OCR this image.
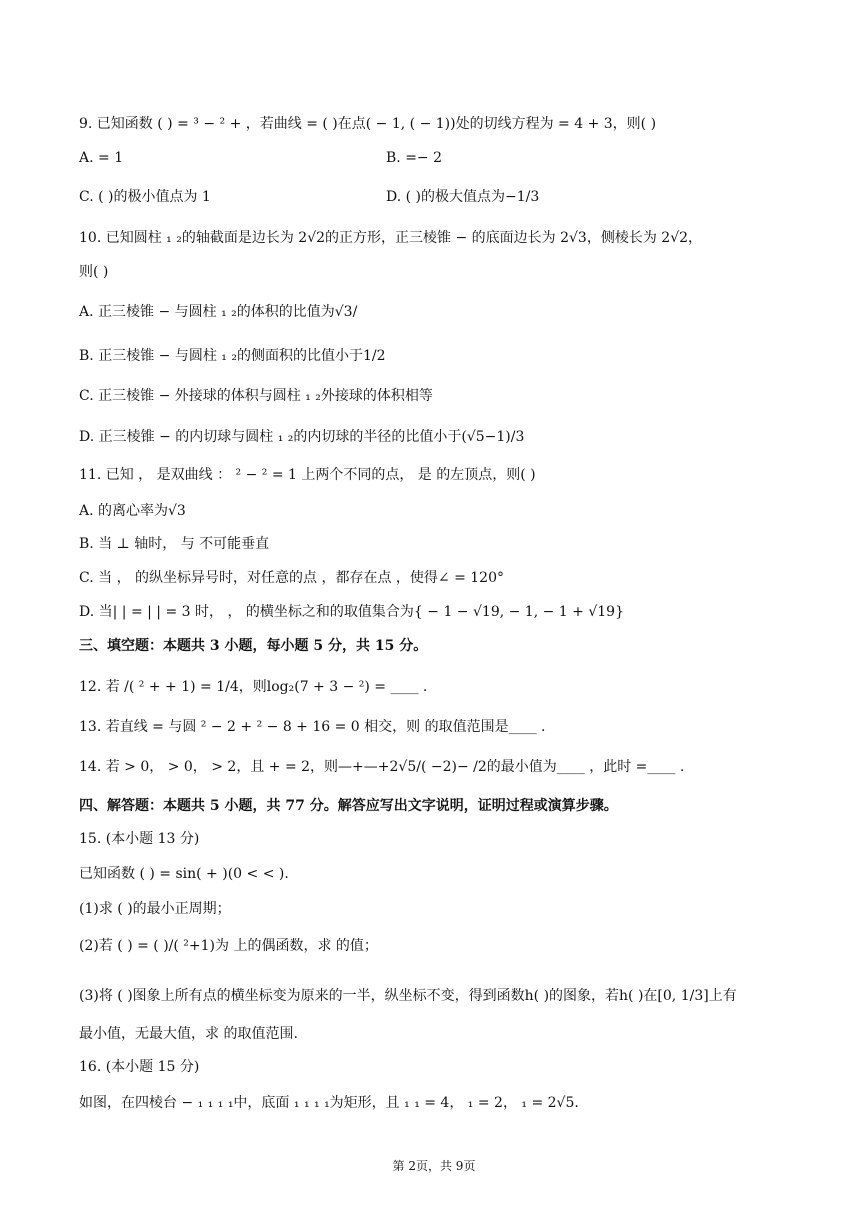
9. 已知函数 ( ) = ³ − ² + ，若曲线 = ( )在点( − 1, ( − 1))处的切线方程为 = 4 + 3，则( )
A. = 1	B. =− 2
C. ( )的极小值点为 1	D. ( )的极大值点为−1/3
10. 已知圆柱 ₁ ₂的轴截面是边长为 2√2的正方形，正三棱锥 − 的底面边长为 2√3，侧棱长为 2√2，
则( )
A. 正三棱锥 − 与圆柱 ₁ ₂的体积的比值为√3/
B. 正三棱锥 − 与圆柱 ₁ ₂的侧面积的比值小于1/2
C. 正三棱锥 − 外接球的体积与圆柱 ₁ ₂外接球的体积相等
D. 正三棱锥 − 的内切球与圆柱 ₁ ₂的内切球的半径的比值小于(√5−1)/3
11. 已知 ， 是双曲线 ： ² − ² = 1 上两个不同的点， 是 的左顶点，则( )
A. 的离心率为√3
B. 当 ⊥ 轴时， 与 不可能垂直
C. 当 ， 的纵坐标异号时，对任意的点 ，都存在点 ，使得∠ = 120°
D. 当| | = | | = 3 时， ， 的横坐标之和的取值集合为{ − 1 − √19, − 1, − 1 + √19}
三、填空题：本题共 3 小题，每小题 5 分，共 15 分。
12. 若 /( ² + + 1) = 1/4，则log₂(7 + 3 − ²) = ____ .
13. 若直线 = 与圆 ² − 2 + ² − 8 + 16 = 0 相交，则 的取值范围是____ .
14. 若 > 0， > 0， > 2，且 + = 2，则—+—+2√5/( −2)− /2的最小值为____ ，此时 =____ .
四、解答题：本题共 5 小题，共 77 分。解答应写出文字说明，证明过程或演算步骤。
15. (本小题 13 分)
已知函数 ( ) = sin( + )(0 < < ).
(1)求 ( )的最小正周期；
(2)若 ( ) = ( )/( ²+1)为 上的偶函数，求 的值；
(3)将 ( )图象上所有点的横坐标变为原来的一半，纵坐标不变，得到函数h( )的图象，若h( )在[0, 1/3]上有
最小值，无最大值，求 的取值范围.
16. (本小题 15 分)
如图，在四棱台 − ₁ ₁ ₁ ₁中，底面 ₁ ₁ ₁ ₁为矩形，且 ₁ ₁ = 4， ₁ = 2， ₁ = 2√5.
第 2页，共 9页
